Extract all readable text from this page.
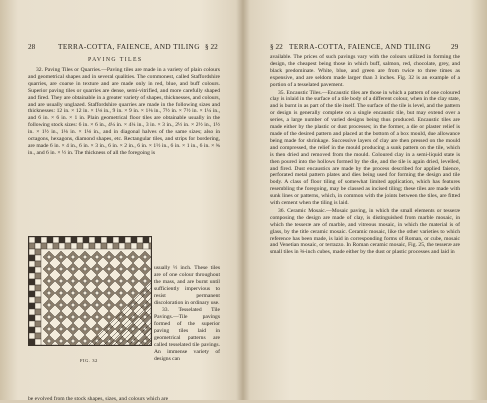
28	TERRA-COTTA, FAIENCE, AND TILING § 22
PAVING TILES

32. Paving Tiles or Quarries.—Paving tiles are made in a variety of plain colours and geometrical shapes and in several qualities. The commonest, called Staffordshire quarries, are coarse in texture and are made only in red, blue, and buff colours. Superior paving tiles or quarries are dense, semi-vitrified, and more carefully shaped and fired. They are obtainable in a greater variety of shapes, thicknesses, and colours, and are usually unglazed. Staffordshire quarries are made in the following sizes and thicknesses: 12 in. × 12 in. × 1⅛ in., 9 in. × 9 in. × 1⅛ in., 7½ in. × 7½ in. × 1¼ in., and 6 in. × 6 in. × 1 in. Plain geometrical floor tiles are obtainable usually in the following stock sizes: 6 in. × 6 in., 4¼ in. × 4¼ in., 3 in. × 3 in., 2½ in. × 2½ in., 1½ in. × 1½ in., 1⅛ in. × 1⅛ in., and in diagonal halves of the same sizes; also in octagons, hexagons, diamond shapes, etc. Rectangular tiles, and strips for bordering, are made 6 in. × 4 in., 6 in. × 3 in., 6 in. × 2 in., 6 in. × 1½ in., 6 in. × 1 in., 6 in. × ¾ in., and 6 in. × ½ in. The thickness of all the foregoing is

FIG. 32

usually ½ inch. These tiles are of one colour throughout the mass, and are burnt until sufficiently impervious to resist permanent discoloration in ordinary use.

33. Tesselated Tile Pavings.—Tile pavings formed of the superior paving tiles laid in geometrical patterns are called tesselated tile pavings. An immense variety of designs can

be evolved from the stock shapes, sizes, and colours which are

§ 22 TERRA-COTTA, FAIENCE, AND TILING	29

available. The prices of such pavings vary with the colours utilized in forming the design, the cheapest being those in which buff, salmon, red, chocolate, grey, and black predominate. White, blue, and green are from twice to three times as expensive, and are seldom made larger than 3 inches. Fig. 32 is an example of a portion of a tesselated pavement.

35. Encaustic Tiles.—Encaustic tiles are those in which a pattern of one coloured clay is inlaid in the surface of a tile body of a different colour, when in the clay state, and is burnt in as part of the tile itself. The surface of the tile is level, and the pattern or design is generally complete on a single encaustic tile, but may extend over a series, a large number of varied designs being thus produced. Encaustic tiles are made either by the plastic or dust processes; in the former, a die or plaster relief is made of the desired pattern and placed at the bottom of a box mould, due allowance being made for shrinkage. Successive layers of clay are then pressed on the mould and compressed, the relief in the mould producing a sunk pattern on the tile, which is then dried and removed from the mould. Coloured clay in a semi-liquid state is then poured into the hollows formed by the die, and the tile is again dried, levelled, and fired. Dust encaustics are made by the process described for applied faience, perforated metal pattern plates and dies being used for forming the design and tile body. A class of floor tiling of somewhat limited application, which has features resembling the foregoing, may be classed as incised tiling; these tiles are made with sunk lines or patterns, which, in common with the joints between the tiles, are fitted with cement when the tiling is laid.

36. Ceramic Mosaic.—Mosaic paving, in which the small elements or tesseræ composing the design are made of clay, is distinguished from marble mosaic, in which the tesseræ are of marble, and vitreous mosaic, in which the material is of glass, by the title ceramic mosaic. Ceramic mosaic, like the other varieties to which reference has been made, is laid in corresponding forms of Roman, or cube, mosaic and Venetian mosaic, or terrazzo. In Roman ceramic mosaic, Fig. 25, the tesseræ are small tiles in ⅜-inch cubes, made either by the dust or plastic processes and laid in
